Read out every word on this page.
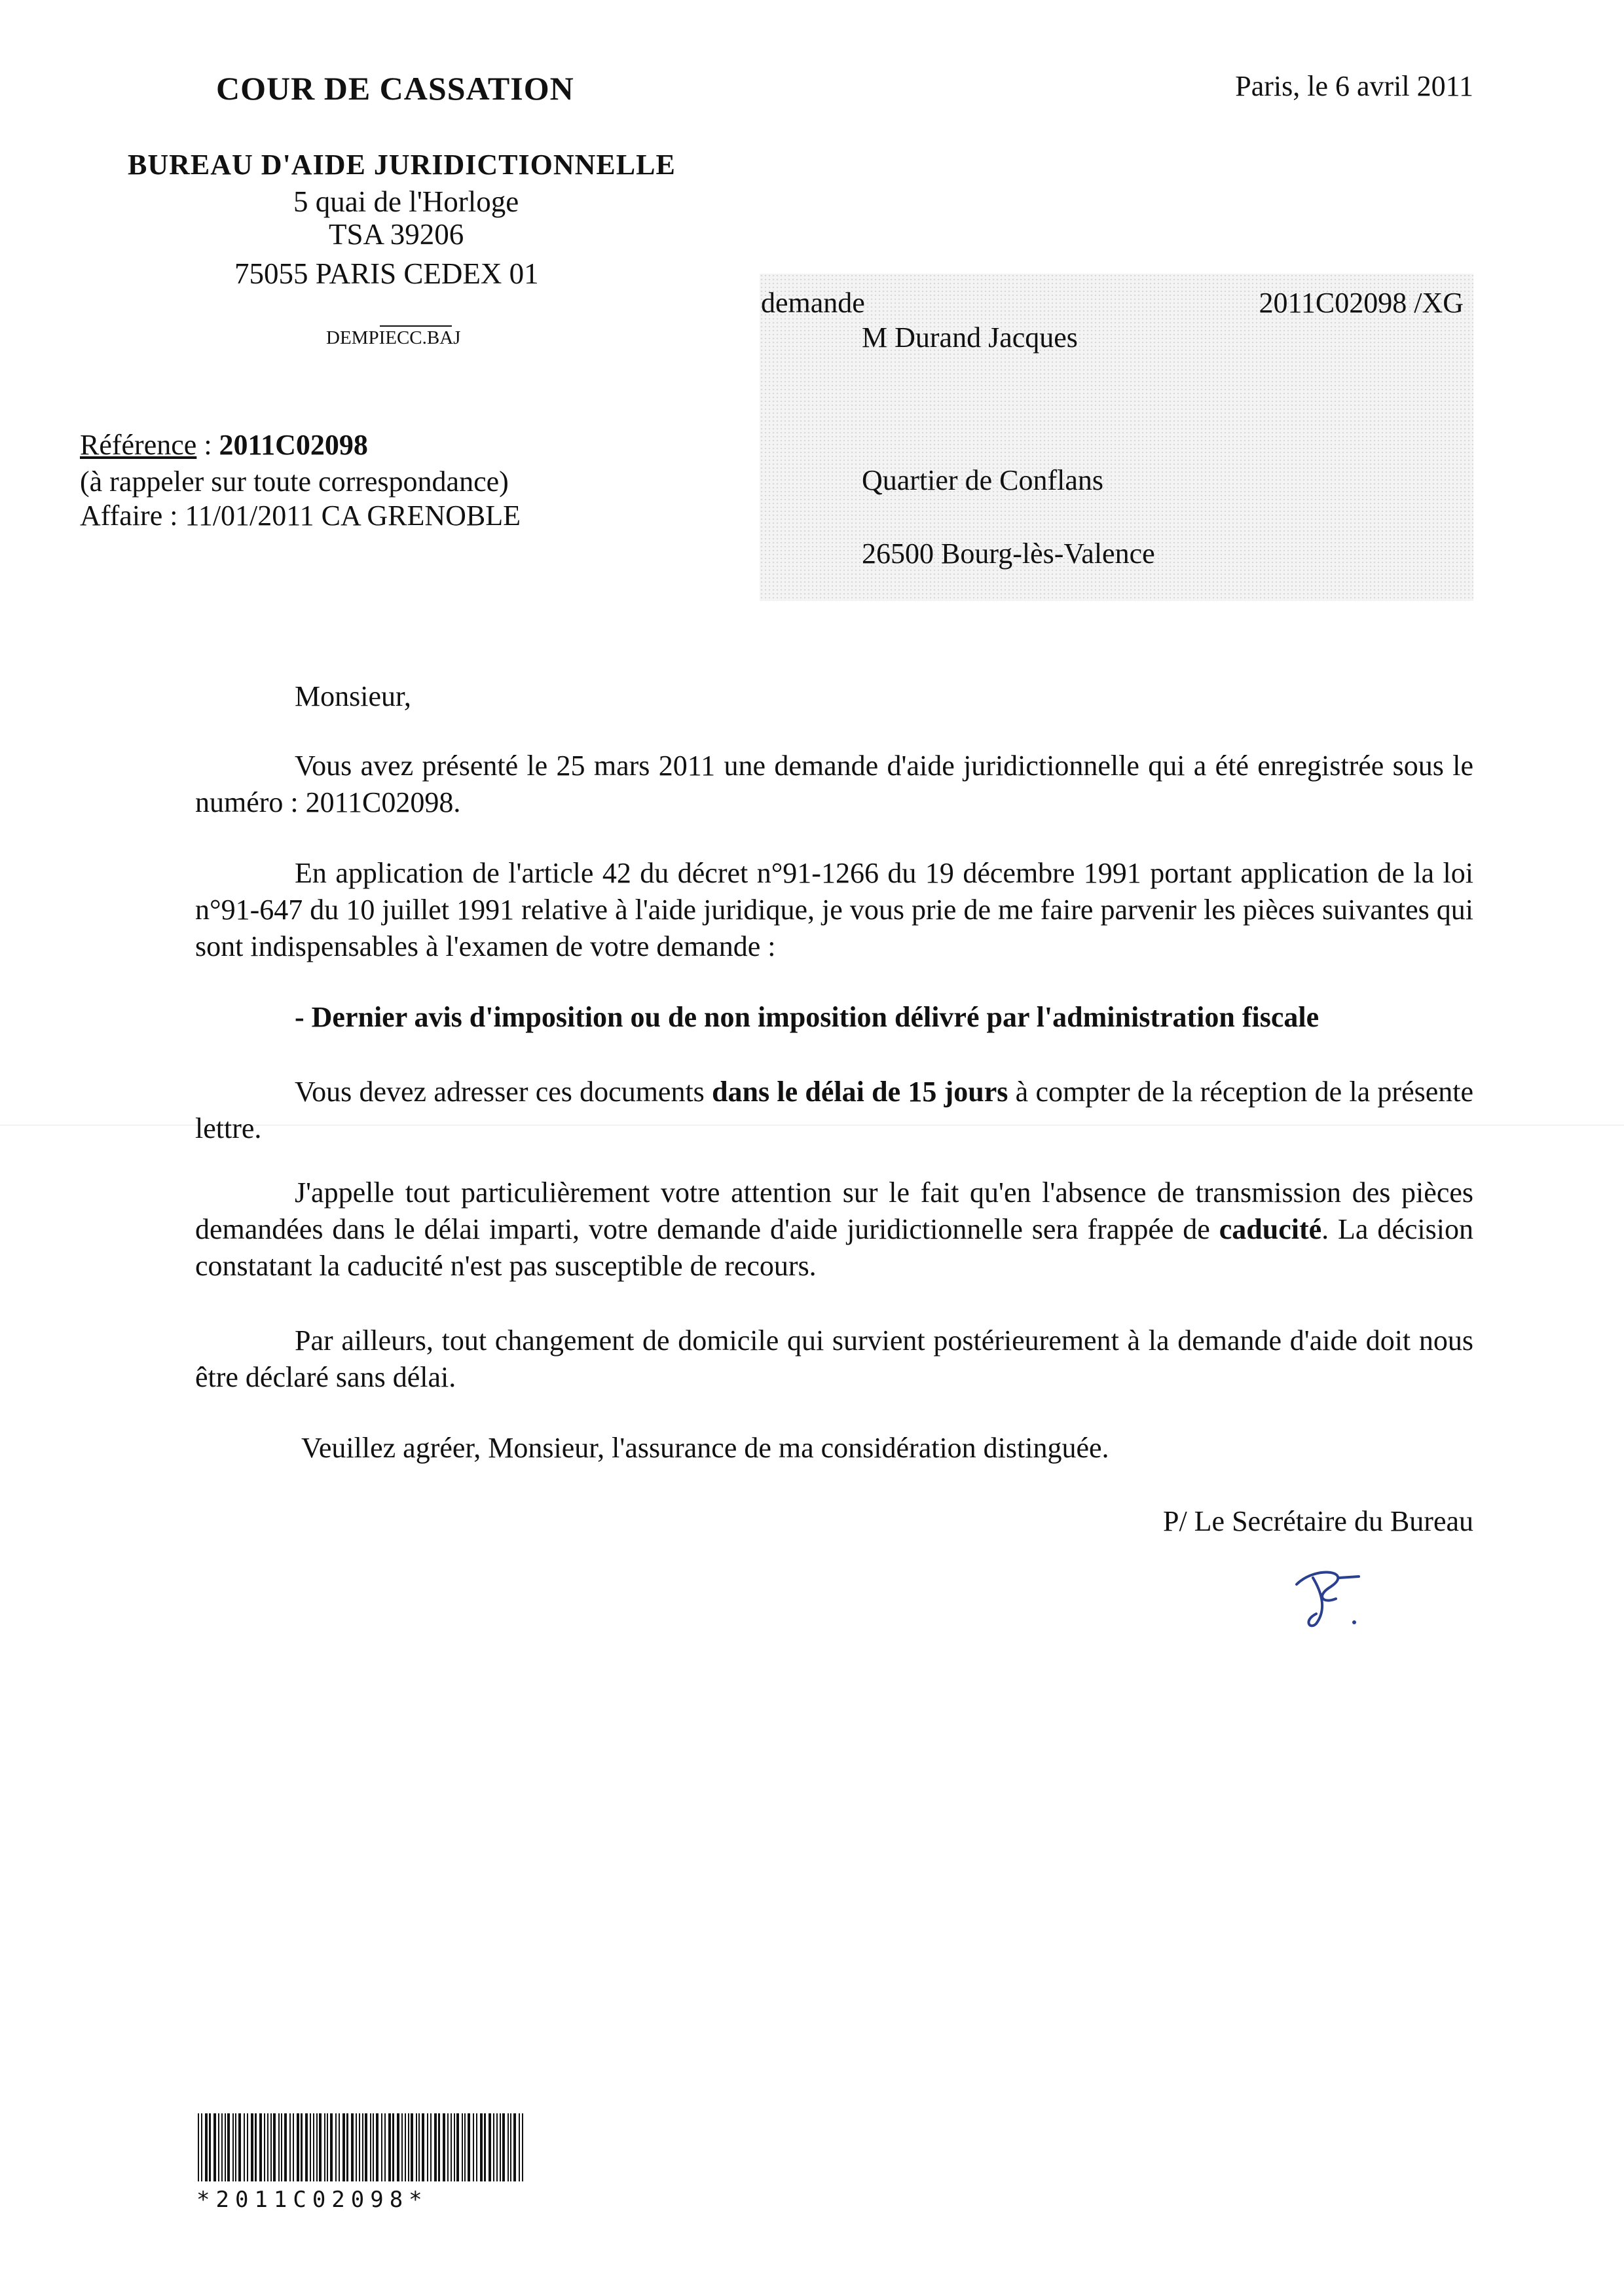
COUR DE CASSATION	Paris, le 6 avril 2011
BUREAU D'AIDE JURIDICTIONNELLE
5 quai de l'Horloge
TSA 39206
75055 PARIS CEDEX 01
DEMPIECC.BAJ
demande	2011C02098 /XG
M Durand Jacques
Quartier de Conflans
26500 Bourg-lès-Valence
Référence : 2011C02098
(à rappeler sur toute correspondance)
Affaire : 11/01/2011 CA GRENOBLE
Monsieur,

Vous avez présenté le 25 mars 2011 une demande d'aide juridictionnelle qui a été enregistrée sous le numéro : 2011C02098.

En application de l'article 42 du décret n°91-1266 du 19 décembre 1991 portant application de la loi n°91-647 du 10 juillet 1991 relative à l'aide juridique, je vous prie de me faire parvenir les pièces suivantes qui sont indispensables à l'examen de votre demande :

- Dernier avis d'imposition ou de non imposition délivré par l'administration fiscale

Vous devez adresser ces documents dans le délai de 15 jours à compter de la réception de la présente lettre.

J'appelle tout particulièrement votre attention sur le fait qu'en l'absence de transmission des pièces demandées dans le délai imparti, votre demande d'aide juridictionnelle sera frappée de caducité. La décision constatant la caducité n'est pas susceptible de recours.

Par ailleurs, tout changement de domicile qui survient postérieurement à la demande d'aide doit nous être déclaré sans délai.

Veuillez agréer, Monsieur, l'assurance de ma considération distinguée.
P/ Le Secrétaire du Bureau
*2011C02098*
